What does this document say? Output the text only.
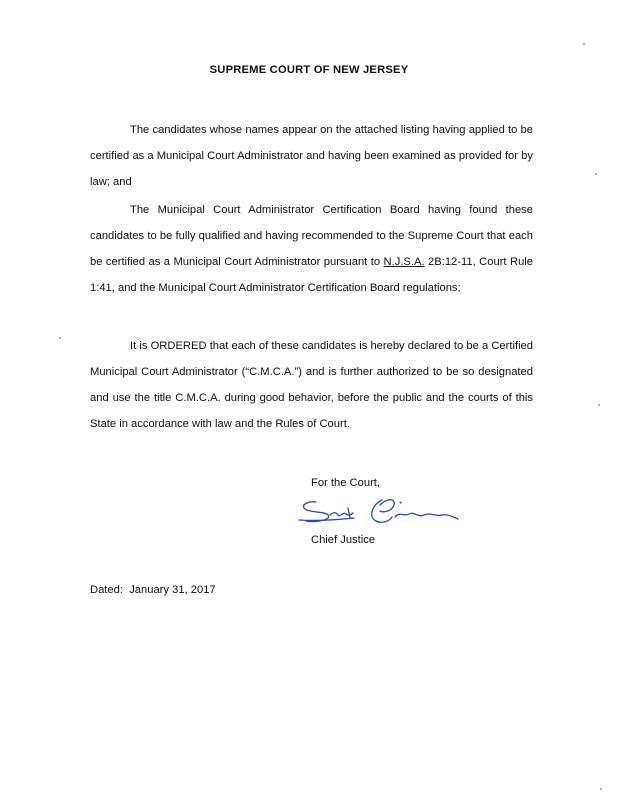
SUPREME COURT OF NEW JERSEY

The candidates whose names appear on the attached listing having applied to be certified as a Municipal Court Administrator and having been examined as provided for by law; and

The Municipal Court Administrator Certification Board having found these candidates to be fully qualified and having recommended to the Supreme Court that each be certified as a Municipal Court Administrator pursuant to N.J.S.A. 2B:12-11, Court Rule 1:41, and the Municipal Court Administrator Certification Board regulations;

It is ORDERED that each of these candidates is hereby declared to be a Certified Municipal Court Administrator (“C.M.C.A.”) and is further authorized to be so designated and use the title C.M.C.A. during good behavior, before the public and the courts of this State in accordance with law and the Rules of Court.

For the Court,
Chief Justice
Dated: January 31, 2017
